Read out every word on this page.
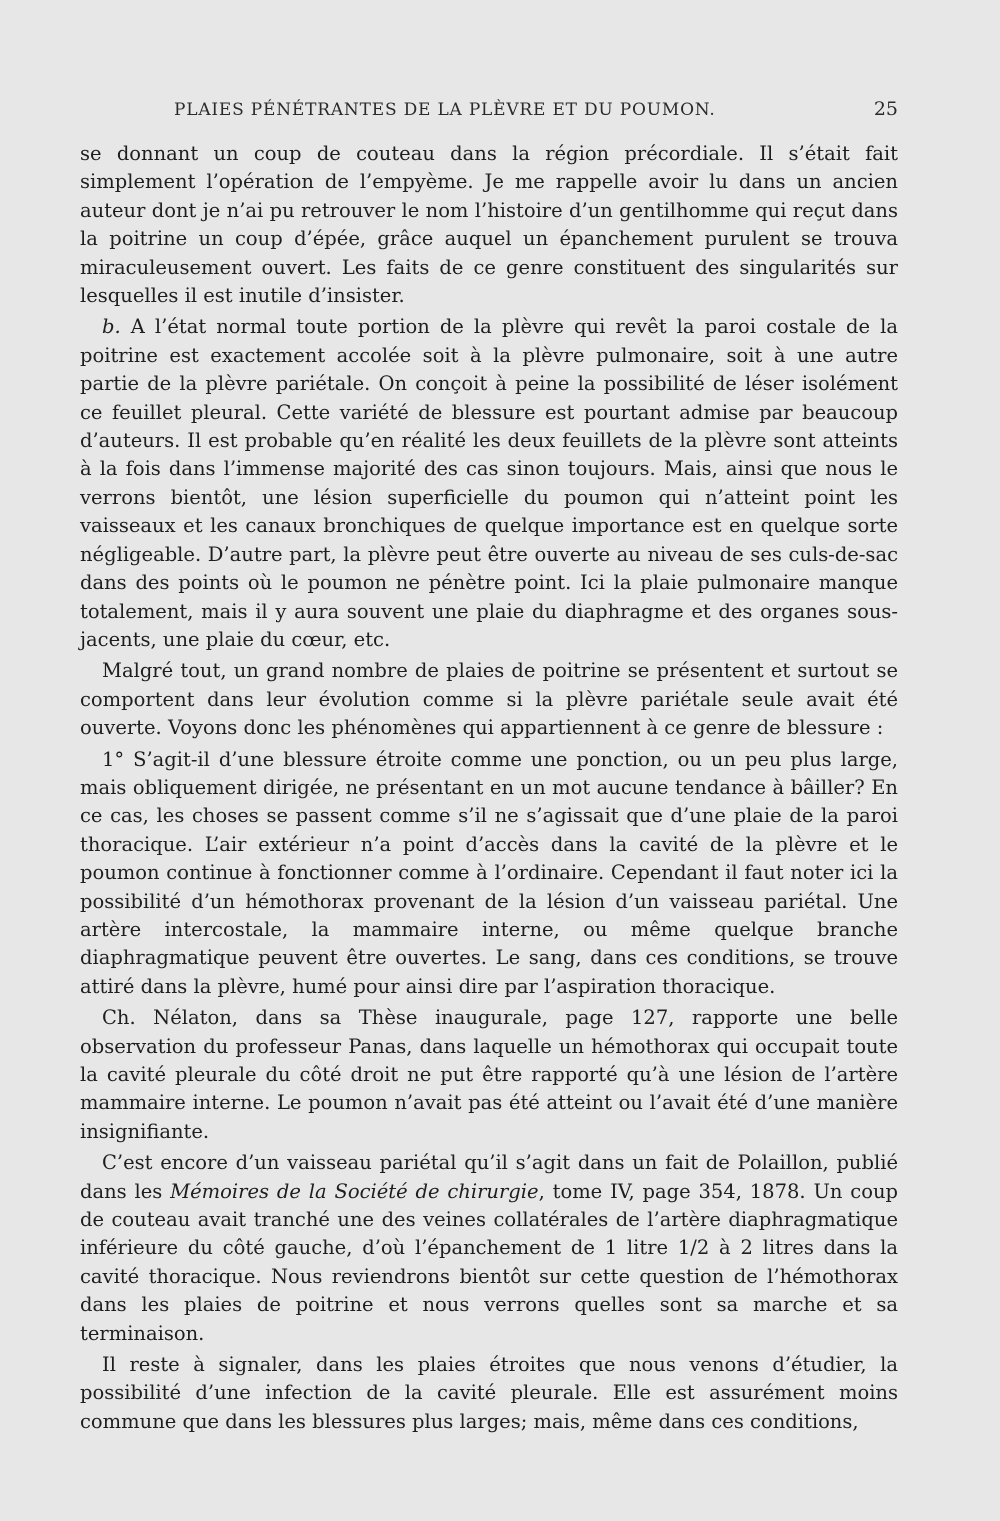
PLAIES PÉNÉTRANTES DE LA PLÈVRE ET DU POUMON.	25

se donnant un coup de couteau dans la région précordiale. Il s’était fait simplement l’opération de l’empyème. Je me rappelle avoir lu dans un ancien auteur dont je n’ai pu retrouver le nom l’histoire d’un gentilhomme qui reçut dans la poitrine un coup d’épée, grâce auquel un épanchement purulent se trouva miraculeusement ouvert. Les faits de ce genre constituent des singularités sur lesquelles il est inutile d’insister.

b. A l’état normal toute portion de la plèvre qui revêt la paroi costale de la poitrine est exactement accolée soit à la plèvre pulmonaire, soit à une autre partie de la plèvre pariétale. On conçoit à peine la possibilité de léser isolément ce feuillet pleural. Cette variété de blessure est pourtant admise par beaucoup d’auteurs. Il est probable qu’en réalité les deux feuillets de la plèvre sont atteints à la fois dans l’immense majorité des cas sinon toujours. Mais, ainsi que nous le verrons bientôt, une lésion superficielle du poumon qui n’atteint point les vaisseaux et les canaux bronchiques de quelque importance est en quelque sorte négligeable. D’autre part, la plèvre peut être ouverte au niveau de ses culs-de-sac dans des points où le poumon ne pénètre point. Ici la plaie pulmonaire manque totalement, mais il y aura souvent une plaie du diaphragme et des organes sous-jacents, une plaie du cœur, etc.

Malgré tout, un grand nombre de plaies de poitrine se présentent et surtout se comportent dans leur évolution comme si la plèvre pariétale seule avait été ouverte. Voyons donc les phénomènes qui appartiennent à ce genre de blessure :

1° S’agit-il d’une blessure étroite comme une ponction, ou un peu plus large, mais obliquement dirigée, ne présentant en un mot aucune tendance à bâiller? En ce cas, les choses se passent comme s’il ne s’agissait que d’une plaie de la paroi thoracique. L’air extérieur n’a point d’accès dans la cavité de la plèvre et le poumon continue à fonctionner comme à l’ordinaire. Cependant il faut noter ici la possibilité d’un hémothorax provenant de la lésion d’un vaisseau pariétal. Une artère intercostale, la mammaire interne, ou même quelque branche diaphragmatique peuvent être ouvertes. Le sang, dans ces conditions, se trouve attiré dans la plèvre, humé pour ainsi dire par l’aspiration thoracique.

Ch. Nélaton, dans sa Thèse inaugurale, page 127, rapporte une belle observation du professeur Panas, dans laquelle un hémothorax qui occupait toute la cavité pleurale du côté droit ne put être rapporté qu’à une lésion de l’artère mammaire interne. Le poumon n’avait pas été atteint ou l’avait été d’une manière insignifiante.

C’est encore d’un vaisseau pariétal qu’il s’agit dans un fait de Polaillon, publié dans les Mémoires de la Société de chirurgie, tome IV, page 354, 1878. Un coup de couteau avait tranché une des veines collatérales de l’artère diaphragmatique inférieure du côté gauche, d’où l’épanchement de 1 litre 1/2 à 2 litres dans la cavité thoracique. Nous reviendrons bientôt sur cette question de l’hémothorax dans les plaies de poitrine et nous verrons quelles sont sa marche et sa terminaison.

Il reste à signaler, dans les plaies étroites que nous venons d’étudier, la possibilité d’une infection de la cavité pleurale. Elle est assurément moins commune que dans les blessures plus larges; mais, même dans ces conditions,
